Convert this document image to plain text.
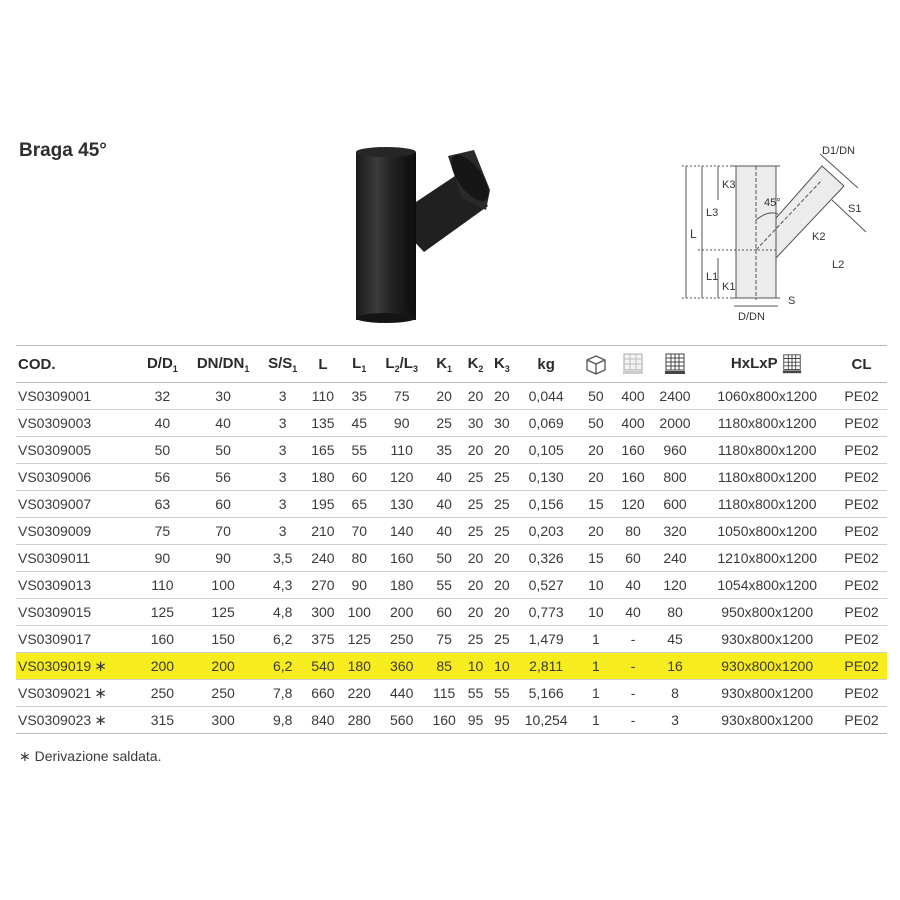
Braga 45°
L
L3
L1
K3
K1
45°
K2
L2
D1/DN
S1
S
D/DN
COD.	$D/D_1$	$DN/DN_1$	$S/S_1$	L	$L_1$	$L_2/L_3$	$K_1$	$K_2$	$K_3$	kg				HxLxP	CL
VS0309001	32	30	3	110	35	75	20	20	20	0,044	50	400	2400	1060x800x1200	PE02
VS0309003	40	40	3	135	45	90	25	30	30	0,069	50	400	2000	1180x800x1200	PE02
VS0309005	50	50	3	165	55	110	35	20	20	0,105	20	160	960	1180x800x1200	PE02
VS0309006	56	56	3	180	60	120	40	25	25	0,130	20	160	800	1180x800x1200	PE02
VS0309007	63	60	3	195	65	130	40	25	25	0,156	15	120	600	1180x800x1200	PE02
VS0309009	75	70	3	210	70	140	40	25	25	0,203	20	80	320	1050x800x1200	PE02
VS0309011	90	90	3,5	240	80	160	50	20	20	0,326	15	60	240	1210x800x1200	PE02
VS0309013	110	100	4,3	270	90	180	55	20	20	0,527	10	40	120	1054x800x1200	PE02
VS0309015	125	125	4,8	300	100	200	60	20	20	0,773	10	40	80	950x800x1200	PE02
VS0309017	160	150	6,2	375	125	250	75	25	25	1,479	1	-	45	930x800x1200	PE02
VS0309019 ∗	200	200	6,2	540	180	360	85	10	10	2,811	1	-	16	930x800x1200	PE02
VS0309021 ∗	250	250	7,8	660	220	440	115	55	55	5,166	1	-	8	930x800x1200	PE02
VS0309023 ∗	315	300	9,8	840	280	560	160	95	95	10,254	1	-	3	930x800x1200	PE02
∗ Derivazione saldata.
